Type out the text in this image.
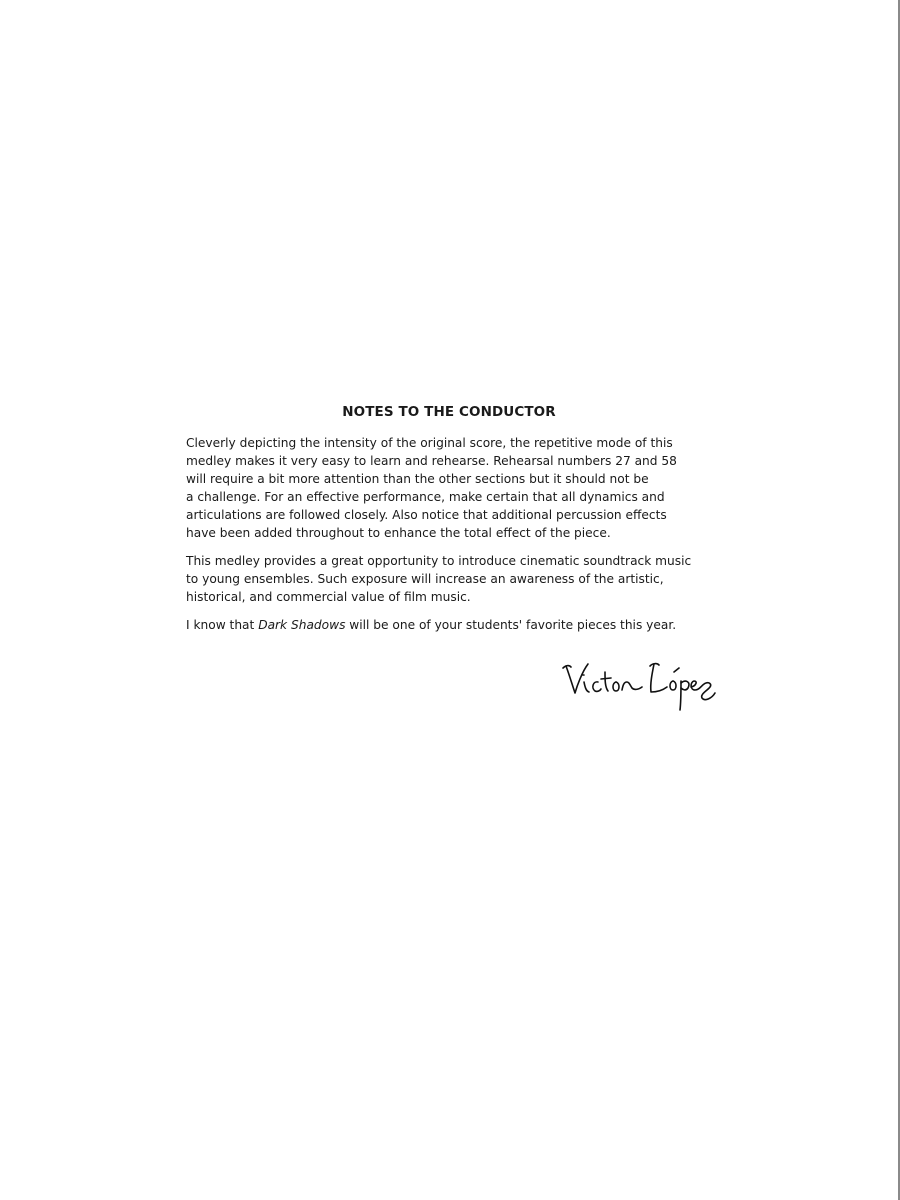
NOTES TO THE CONDUCTOR

Cleverly depicting the intensity of the original score, the repetitive mode of this
medley makes it very easy to learn and rehearse. Rehearsal numbers 27 and 58
will require a bit more attention than the other sections but it should not be
a challenge. For an effective performance, make certain that all dynamics and
articulations are followed closely. Also notice that additional percussion effects
have been added throughout to enhance the total effect of the piece.

This medley provides a great opportunity to introduce cinematic soundtrack music
to young ensembles. Such exposure will increase an awareness of the artistic,
historical, and commercial value of film music.

I know that Dark Shadows will be one of your students' favorite pieces this year.
